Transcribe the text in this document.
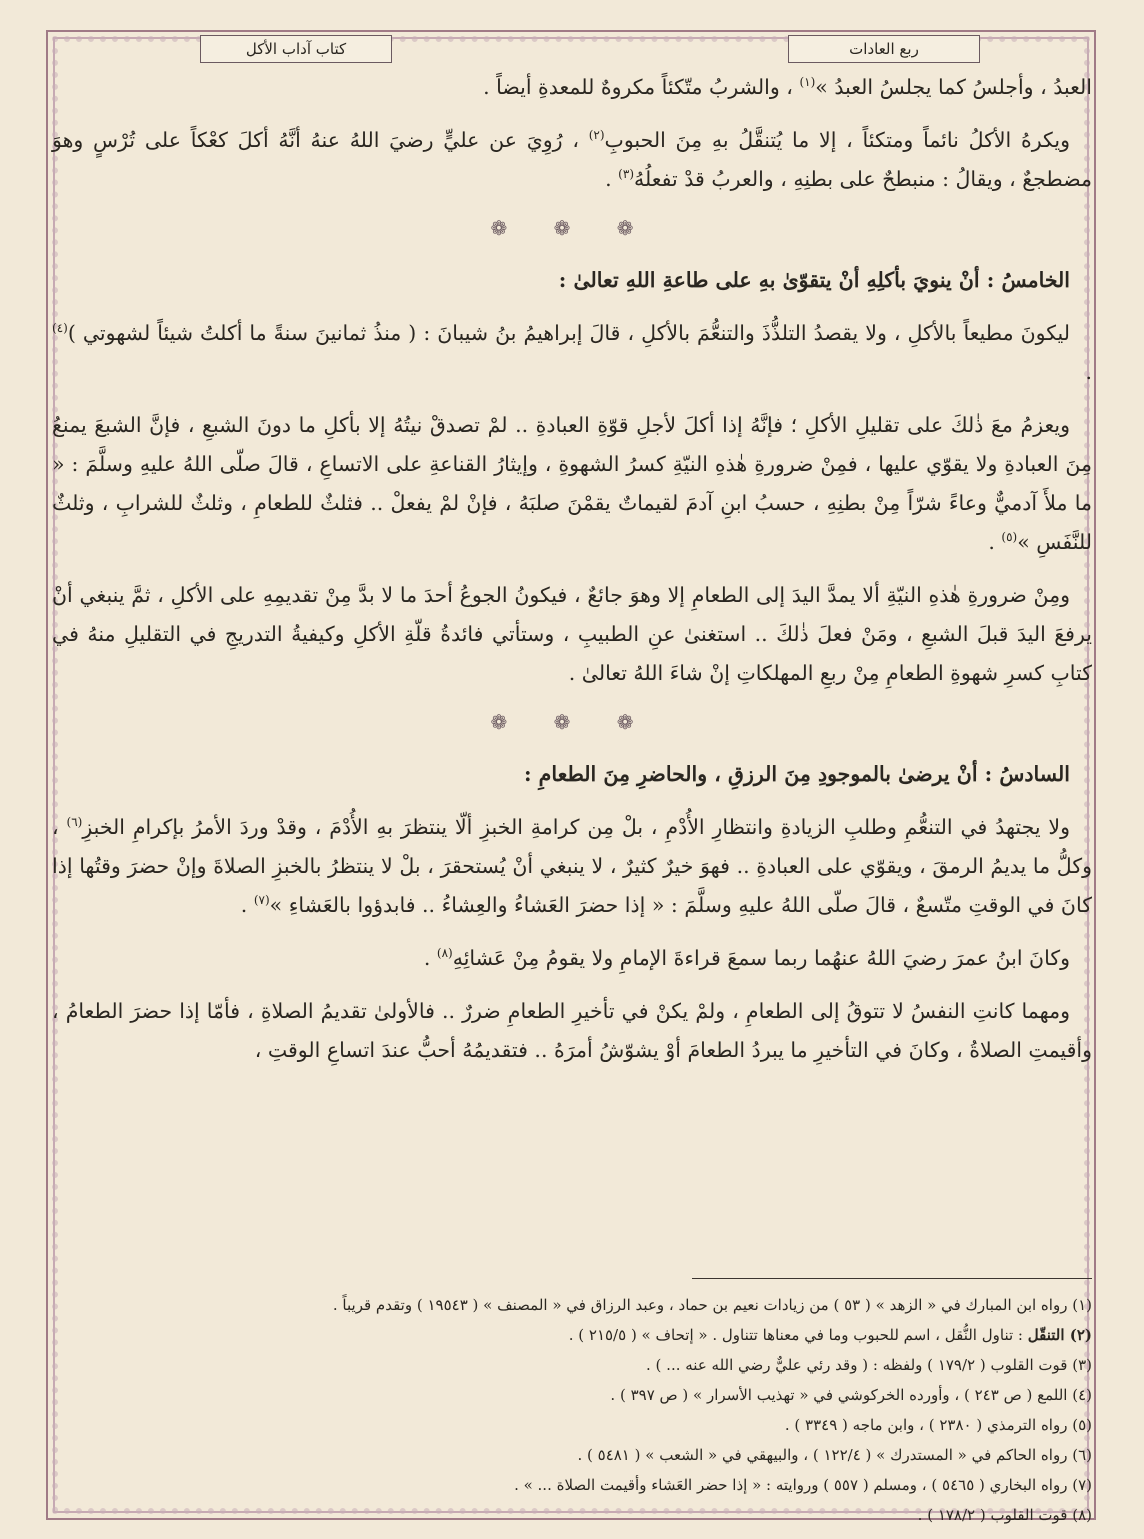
ربع العادات
كتاب آداب الأكل

العبدُ ، وأجلسُ كما يجلسُ العبدُ »$^{(١)}$ ، والشربُ متّكئاً مكروهٌ للمعدةِ أيضاً .

ويكرهُ الأكلُ نائماً ومتكئاً ، إلا ما يُتنقَّلُ بهِ مِنَ الحبوبِ$^{(٢)}$ ، رُوِيَ عن عليٍّ رضيَ اللهُ عنهُ أنَّهُ أكلَ كعْكاً على تُرْسٍ وهوَ مضطجعٌ ، ويقالُ : منبطحٌ على بطنِهِ ، والعربُ قدْ تفعلُهُ$^{(٣)}$ .

❁ ❁ ❁

الخامسُ : أنْ ينويَ بأكلِهِ أنْ يتقوّىٰ بهِ على طاعةِ اللهِ تعالىٰ :

ليكونَ مطيعاً بالأكلِ ، ولا يقصدُ التلذُّذَ والتنعُّمَ بالأكلِ ، قالَ إبراهيمُ بنُ شيبانَ : ( منذُ ثمانينَ سنةً ما أكلتُ شيئاً لشهوتي )$^{(٤)}$ .

ويعزمُ معَ ذٰلكَ على تقليلِ الأكلِ ؛ فإنَّهُ إذا أكلَ لأجلِ قوّةِ العبادةِ .. لمْ تصدقْ نيتُهُ إلا بأكلِ ما دونَ الشبعِ ، فإنَّ الشبعَ يمنعُ مِنَ العبادةِ ولا يقوّي عليها ، فمِنْ ضرورةِ هٰذهِ النيّةِ كسرُ الشهوةِ ، وإيثارُ القناعةِ على الاتساعِ ، قالَ صلّى اللهُ عليهِ وسلَّمَ : « ما ملأَ آدميٌّ وعاءً شرّاً مِنْ بطنِهِ ، حسبُ ابنِ آدمَ لقيماتٌ يقمْنَ صلبَهُ ، فإنْ لمْ يفعلْ .. فثلثٌ للطعامِ ، وثلثٌ للشرابِ ، وثلثٌ للنَّفَسِ »$^{(٥)}$ .

ومِنْ ضرورةِ هٰذهِ النيّةِ ألا يمدَّ اليدَ إلى الطعامِ إلا وهوَ جائعٌ ، فيكونُ الجوعُ أحدَ ما لا بدَّ مِنْ تقديمِهِ على الأكلِ ، ثمَّ ينبغي أنْ يرفعَ اليدَ قبلَ الشبعِ ، ومَنْ فعلَ ذٰلكَ .. استغنىٰ عنِ الطبيبِ ، وستأتي فائدةُ قلّةِ الأكلِ وكيفيةُ التدريجِ في التقليلِ منهُ في كتابِ كسرِ شهوةِ الطعامِ مِنْ ربعِ المهلكاتِ إنْ شاءَ اللهُ تعالىٰ .

❁ ❁ ❁

السادسُ : أنْ يرضىٰ بالموجودِ مِنَ الرزقِ ، والحاضرِ مِنَ الطعامِ :

ولا يجتهدُ في التنعُّمِ وطلبِ الزيادةِ وانتظارِ الأُدْمِ ، بلْ مِن كرامةِ الخبزِ ألّا ينتظرَ بهِ الأُدْمَ ، وقدْ وردَ الأمرُ بإكرامِ الخبزِ$^{(٦)}$ ، وكلُّ ما يديمُ الرمقَ ، ويقوّي على العبادةِ .. فهوَ خيرٌ كثيرٌ ، لا ينبغي أنْ يُستحقرَ ، بلْ لا ينتظرُ بالخبزِ الصلاةَ وإنْ حضرَ وقتُها إذا كانَ في الوقتِ متّسعٌ ، قالَ صلّى اللهُ عليهِ وسلَّمَ : « إذا حضرَ العَشاءُ والعِشاءُ .. فابدؤوا بالعَشاءِ »$^{(٧)}$ .

وكانَ ابنُ عمرَ رضيَ اللهُ عنهُما ربما سمعَ قراءةَ الإمامِ ولا يقومُ مِنْ عَشائِهِ$^{(٨)}$ .

ومهما كانتِ النفسُ لا تتوقُ إلى الطعامِ ، ولمْ يكنْ في تأخيرِ الطعامِ ضررٌ .. فالأولىٰ تقديمُ الصلاةِ ، فأمّا إذا حضرَ الطعامُ ، وأقيمتِ الصلاةُ ، وكانَ في التأخيرِ ما يبردُ الطعامَ أوْ يشوّشُ أمرَهُ .. فتقديمُهُ أحبُّ عندَ اتساعِ الوقتِ ،

(١) رواه ابن المبارك في « الزهد » ( ٥٣ ) من زيادات نعيم بن حماد ، وعبد الرزاق في « المصنف » ( ١٩٥٤٣ ) وتقدم قريباً .
(٢) التنقّل : تناول النُّقل ، اسم للحبوب وما في معناها تتناول . « إتحاف » ( ٢١٥/٥ ) .
(٣) قوت القلوب ( ١٧٩/٢ ) ولفظه : ( وقد رئي عليٌّ رضي الله عنه ... ) .
(٤) اللمع ( ص ٢٤٣ ) ، وأورده الخركوشي في « تهذيب الأسرار » ( ص ٣٩٧ ) .
(٥) رواه الترمذي ( ٢٣٨٠ ) ، وابن ماجه ( ٣٣٤٩ ) .
(٦) رواه الحاكم في « المستدرك » ( ١٢٢/٤ ) ، والبيهقي في « الشعب » ( ٥٤٨١ ) .
(٧) رواه البخاري ( ٥٤٦٥ ) ، ومسلم ( ٥٥٧ ) وروايته : « إذا حضر العَشاء وأقيمت الصلاة ... » .
(٨) قوت القلوب ( ١٧٨/٢ ) .
